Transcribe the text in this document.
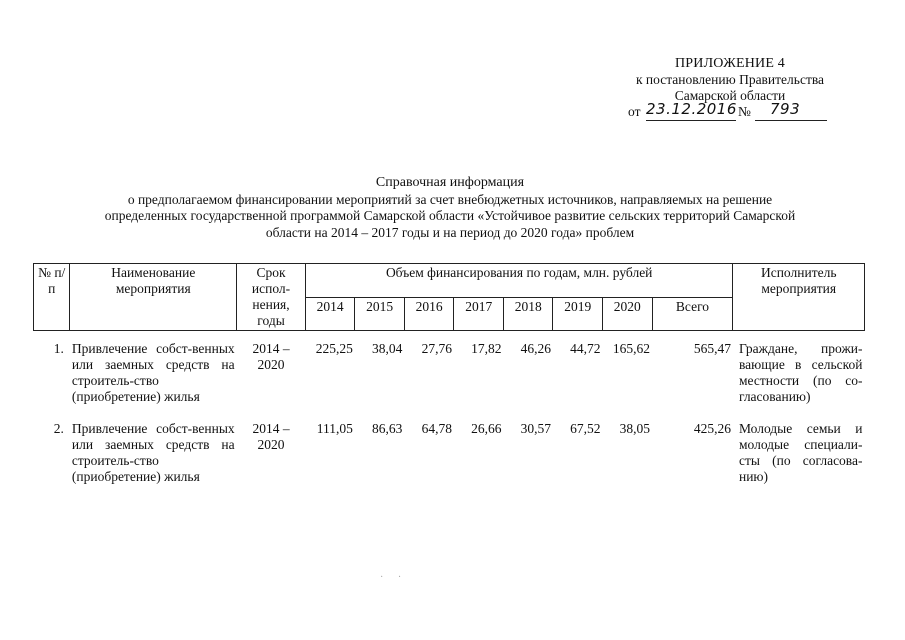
ПРИЛОЖЕНИЕ 4
к постановлению Правительства
Самарской области
от 23.12.2016 № 793
Справочная информация
о предполагаемом финансировании мероприятий за счет внебюджетных источников, направляемых на решение
определенных государственной программой Самарской области «Устойчивое развитие сельских территорий Самарской
области на 2014 – 2017 годы и на период до 2020 года» проблем
№ п/п	Наименование мероприятия	Срок испол-нения, годы	Объем финансирования по годам, млн. рублей								Исполнитель мероприятия
			2014	2015	2016	2017	2018	2019	2020	Всего	
1.	Привлечение собст-венных или заемных средств на строитель-ство (приобретение) жилья	2014 – 2020	225,25	38,04	27,76	17,82	46,26	44,72	165,62	565,47	Граждане, прожи-вающие в сельской местности (по со-гласованию)
2.	Привлечение собст-венных или заемных средств на строитель-ство (приобретение) жилья	2014 – 2020	111,05	86,63	64,78	26,66	30,57	67,52	38,05	425,26	Молодые семьи и молодые специали-сты (по согласова-нию)
· ·
